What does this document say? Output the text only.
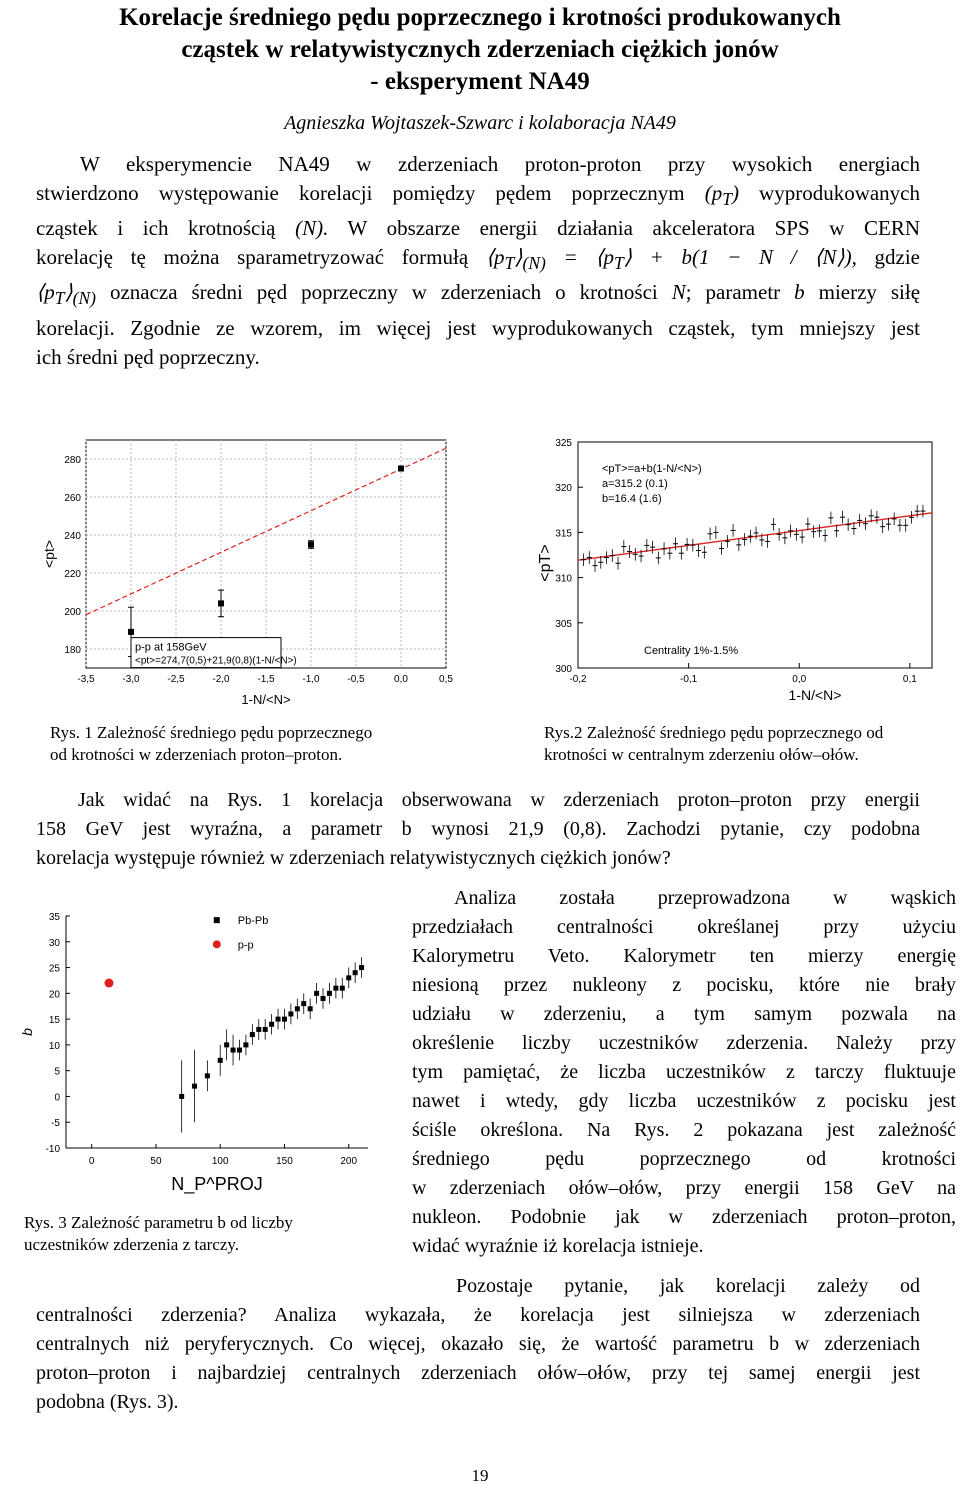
Korelacje średniego pędu poprzecznego i krotności produkowanych
cząstek w relatywistycznych zderzeniach ciężkich jonów
- eksperyment NA49
Agnieszka Wojtaszek-Szwarc i kolaboracja NA49
W eksperymencie NA49 w zderzeniach proton-proton przy wysokich energiach
stwierdzono występowanie korelacji pomiędzy pędem poprzecznym $(p_T)$ wyprodukowanych
cząstek i ich krotnością (N). W obszarze energii działania akceleratora SPS w CERN
korelację tę można sparametryzować formułą $⟨p_T⟩_{(N)}$ = $⟨p_T⟩ + b(1 - N$ / ⟨N⟩), gdzie
$⟨p_T⟩_{(N)}$ oznacza średni pęd poprzeczny w zderzeniach o krotności N; parametr b mierzy siłę
korelacji. Zgodnie ze wzorem, im więcej jest wyprodukowanych cząstek, tym mniejszy jest
ich średni pęd poprzeczny.
180
200
220
240
260
280
-3,5	-3,0	-2,5	-2,0	-1,5	-1,0	-0,5	0,0	0,5
p-p at 158GeV
<pt>=274,7(0,5)+21,9(0,8)(1-N/<N>)
1-N/<N>
<pt>
300
305
310
315
320
325
-0,2	-0,1	0,0	0,1
<pT>=a+b(1-N/<N>)
a=315.2 (0.1)
b=16.4 (1.6)
Centrality 1%-1.5%
1-N/<N>
<pT>
Rys. 1 Zależność średniego pędu poprzecznego
od krotności w zderzeniach proton–proton.
Rys.2 Zależność średniego pędu poprzecznego od
krotności w centralnym zderzeniu ołów–ołów.
Jak widać na Rys. 1 korelacja obserwowana w zderzeniach proton–proton przy energii
158 GeV jest wyraźna, a parametr b wynosi 21,9 (0,8). Zachodzi pytanie, czy podobna
korelacja występuje również w zderzeniach relatywistycznych ciężkich jonów?
-10
-5
0
5
10
15
20
25
30
35
0	50	100	150	200
Pb-Pb
p-p
N_P^PROJ
b
Rys. 3 Zależność parametru b od liczby
uczestników zderzenia z tarczy.
Analiza została przeprowadzona w wąskich
przedziałach centralności określanej przy użyciu
Kalorymetru Veto. Kalorymetr ten mierzy energię
niesioną przez nukleony z pocisku, które nie brały
udziału w zderzeniu, a tym samym pozwala na
określenie liczby uczestników zderzenia. Należy przy
tym pamiętać, że liczba uczestników z tarczy fluktuuje
nawet i wtedy, gdy liczba uczestników z pocisku jest
ściśle określona. Na Rys. 2 pokazana jest zależność
średniego pędu poprzecznego od krotności
w zderzeniach ołów–ołów, przy energii 158 GeV na
nukleon. Podobnie jak w zderzeniach proton–proton,
widać wyraźnie iż korelacja istnieje.
Pozostaje pytanie, jak korelacji zależy od
centralności zderzenia? Analiza wykazała, że korelacja jest silniejsza w zderzeniach
centralnych niż peryferycznych. Co więcej, okazało się, że wartość parametru b w zderzeniach
proton–proton i najbardziej centralnych zderzeniach ołów–ołów, przy tej samej energii jest
podobna (Rys. 3).
19
